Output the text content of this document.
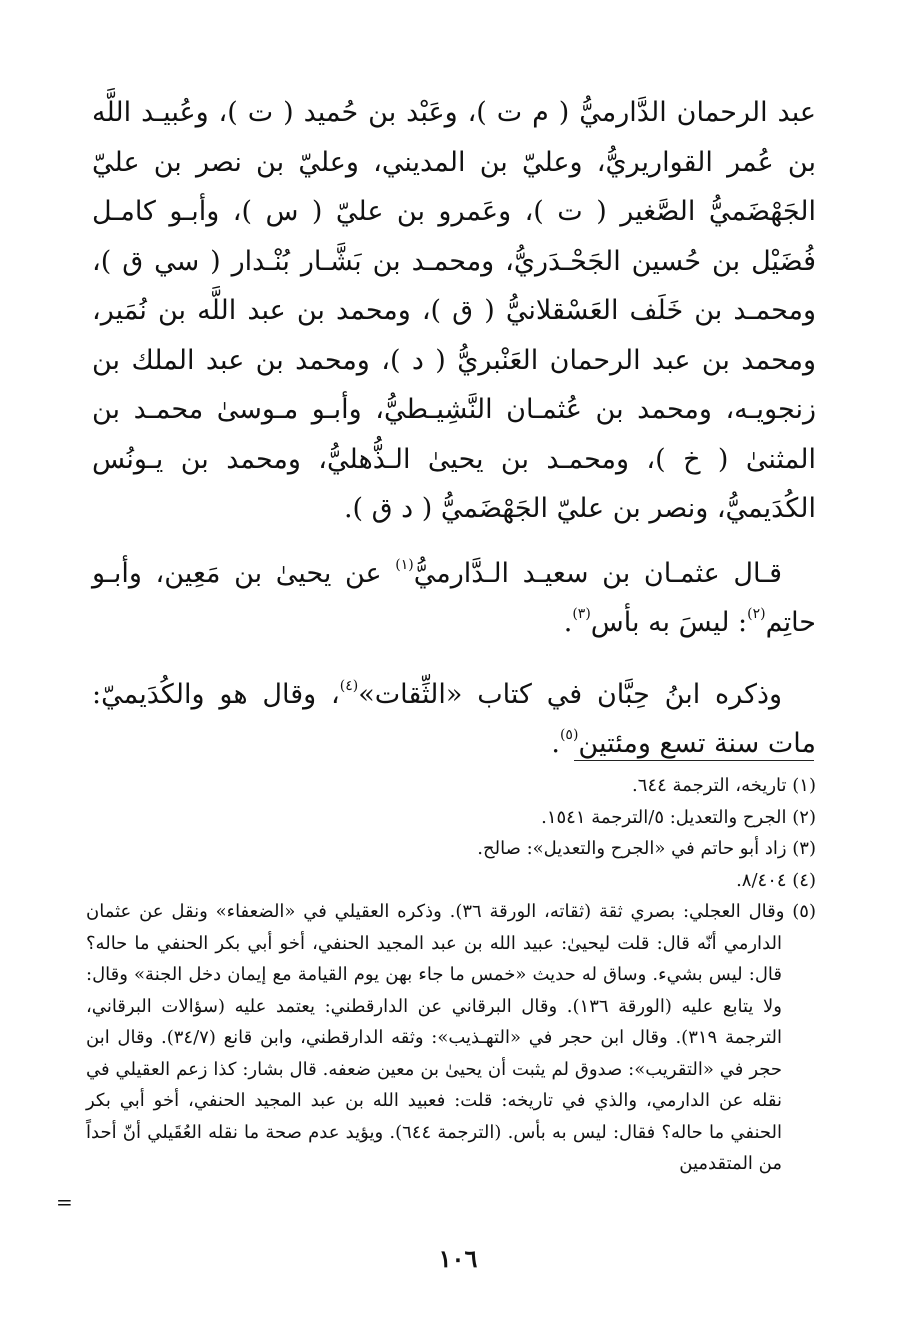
عبد الرحمان الدَّارميُّ ( م ت )، وعَبْد بن حُميد ( ت )، وعُبيـد اللَّه بن عُمر القواريريُّ، وعليّ بن المديني، وعليّ بن نصر بن عليّ الجَهْضَميُّ الصَّغير ( ت )، وعَمرو بن عليّ ( س )، وأبـو كامـل فُضَيْل بن حُسين الجَحْـدَريُّ، ومحمـد بن بَشَّـار بُنْـدار ( سي ق )، ومحمـد بن خَلَف العَسْقلانيُّ ( ق )، ومحمد بن عبد اللَّه بن نُمَير، ومحمد بن عبد الرحمان العَنْبريُّ ( د )، ومحمد بن عبد الملك بن زنجويـه، ومحمد بن عُثمـان النَّشِيـطيُّ، وأبـو مـوسىٰ محمـد بن المثنىٰ ( خ )، ومحمـد بن يحيىٰ الـذُّهليُّ، ومحمد بن يـونُس الكُدَيميُّ، ونصر بن عليّ الجَهْضَميُّ ( د ق ).

قـال عثمـان بن سعيـد الـدَّارميُّ$^{(١)}$ عن يحيىٰ بن مَعِين، وأبـو حاتِم$^{(٢)}$: ليسَ به بأس$^{(٣)}$.

وذكره ابنُ حِبَّان في كتاب «الثِّقات»$^{(٤)}$، وقال هو والكُدَيميّ: مات سنة تسع ومئتين$^{(٥)}$.

(١) تاريخه، الترجمة ٦٤٤.

(٢) الجرح والتعديل: ٥/الترجمة ١٥٤١.

(٣) زاد أبو حاتم في «الجرح والتعديل»: صالح.

(٤) ٨/٤٠٤.

(٥) وقال العجلي: بصري ثقة (ثقاته، الورقة ٣٦). وذكره العقيلي في «الضعفاء» ونقل عن عثمان الدارمي أنّه قال: قلت ليحيىٰ: عبيد الله بن عبد المجيد الحنفي، أخو أبي بكر الحنفي ما حاله؟ قال: ليس بشيء. وساق له حديث «خمس ما جاء بهن يوم القيامة مع إيمان دخل الجنة» وقال: ولا يتابع عليه (الورقة ١٣٦). وقال البرقاني عن الدارقطني: يعتمد عليه (سؤالات البرقاني، الترجمة ٣١٩). وقال ابن حجر في «التهـذيب»: وثقه الدارقطني، وابن قانع (٣٤/٧). وقال ابن حجر في «التقريب»: صدوق لم يثبت أن يحيىٰ بن معين ضعفه. قال بشار: كذا زعم العقيلي في نقله عن الدارمي، والذي في تاريخه: قلت: فعبيد الله بن عبد المجيد الحنفي، أخو أبي بكر الحنفي ما حاله؟ فقال: ليس به بأس. (الترجمة ٦٤٤). ويؤيد عدم صحة ما نقله العُقَيلي أنّ أحداً من المتقدمين

=
١٠٦
